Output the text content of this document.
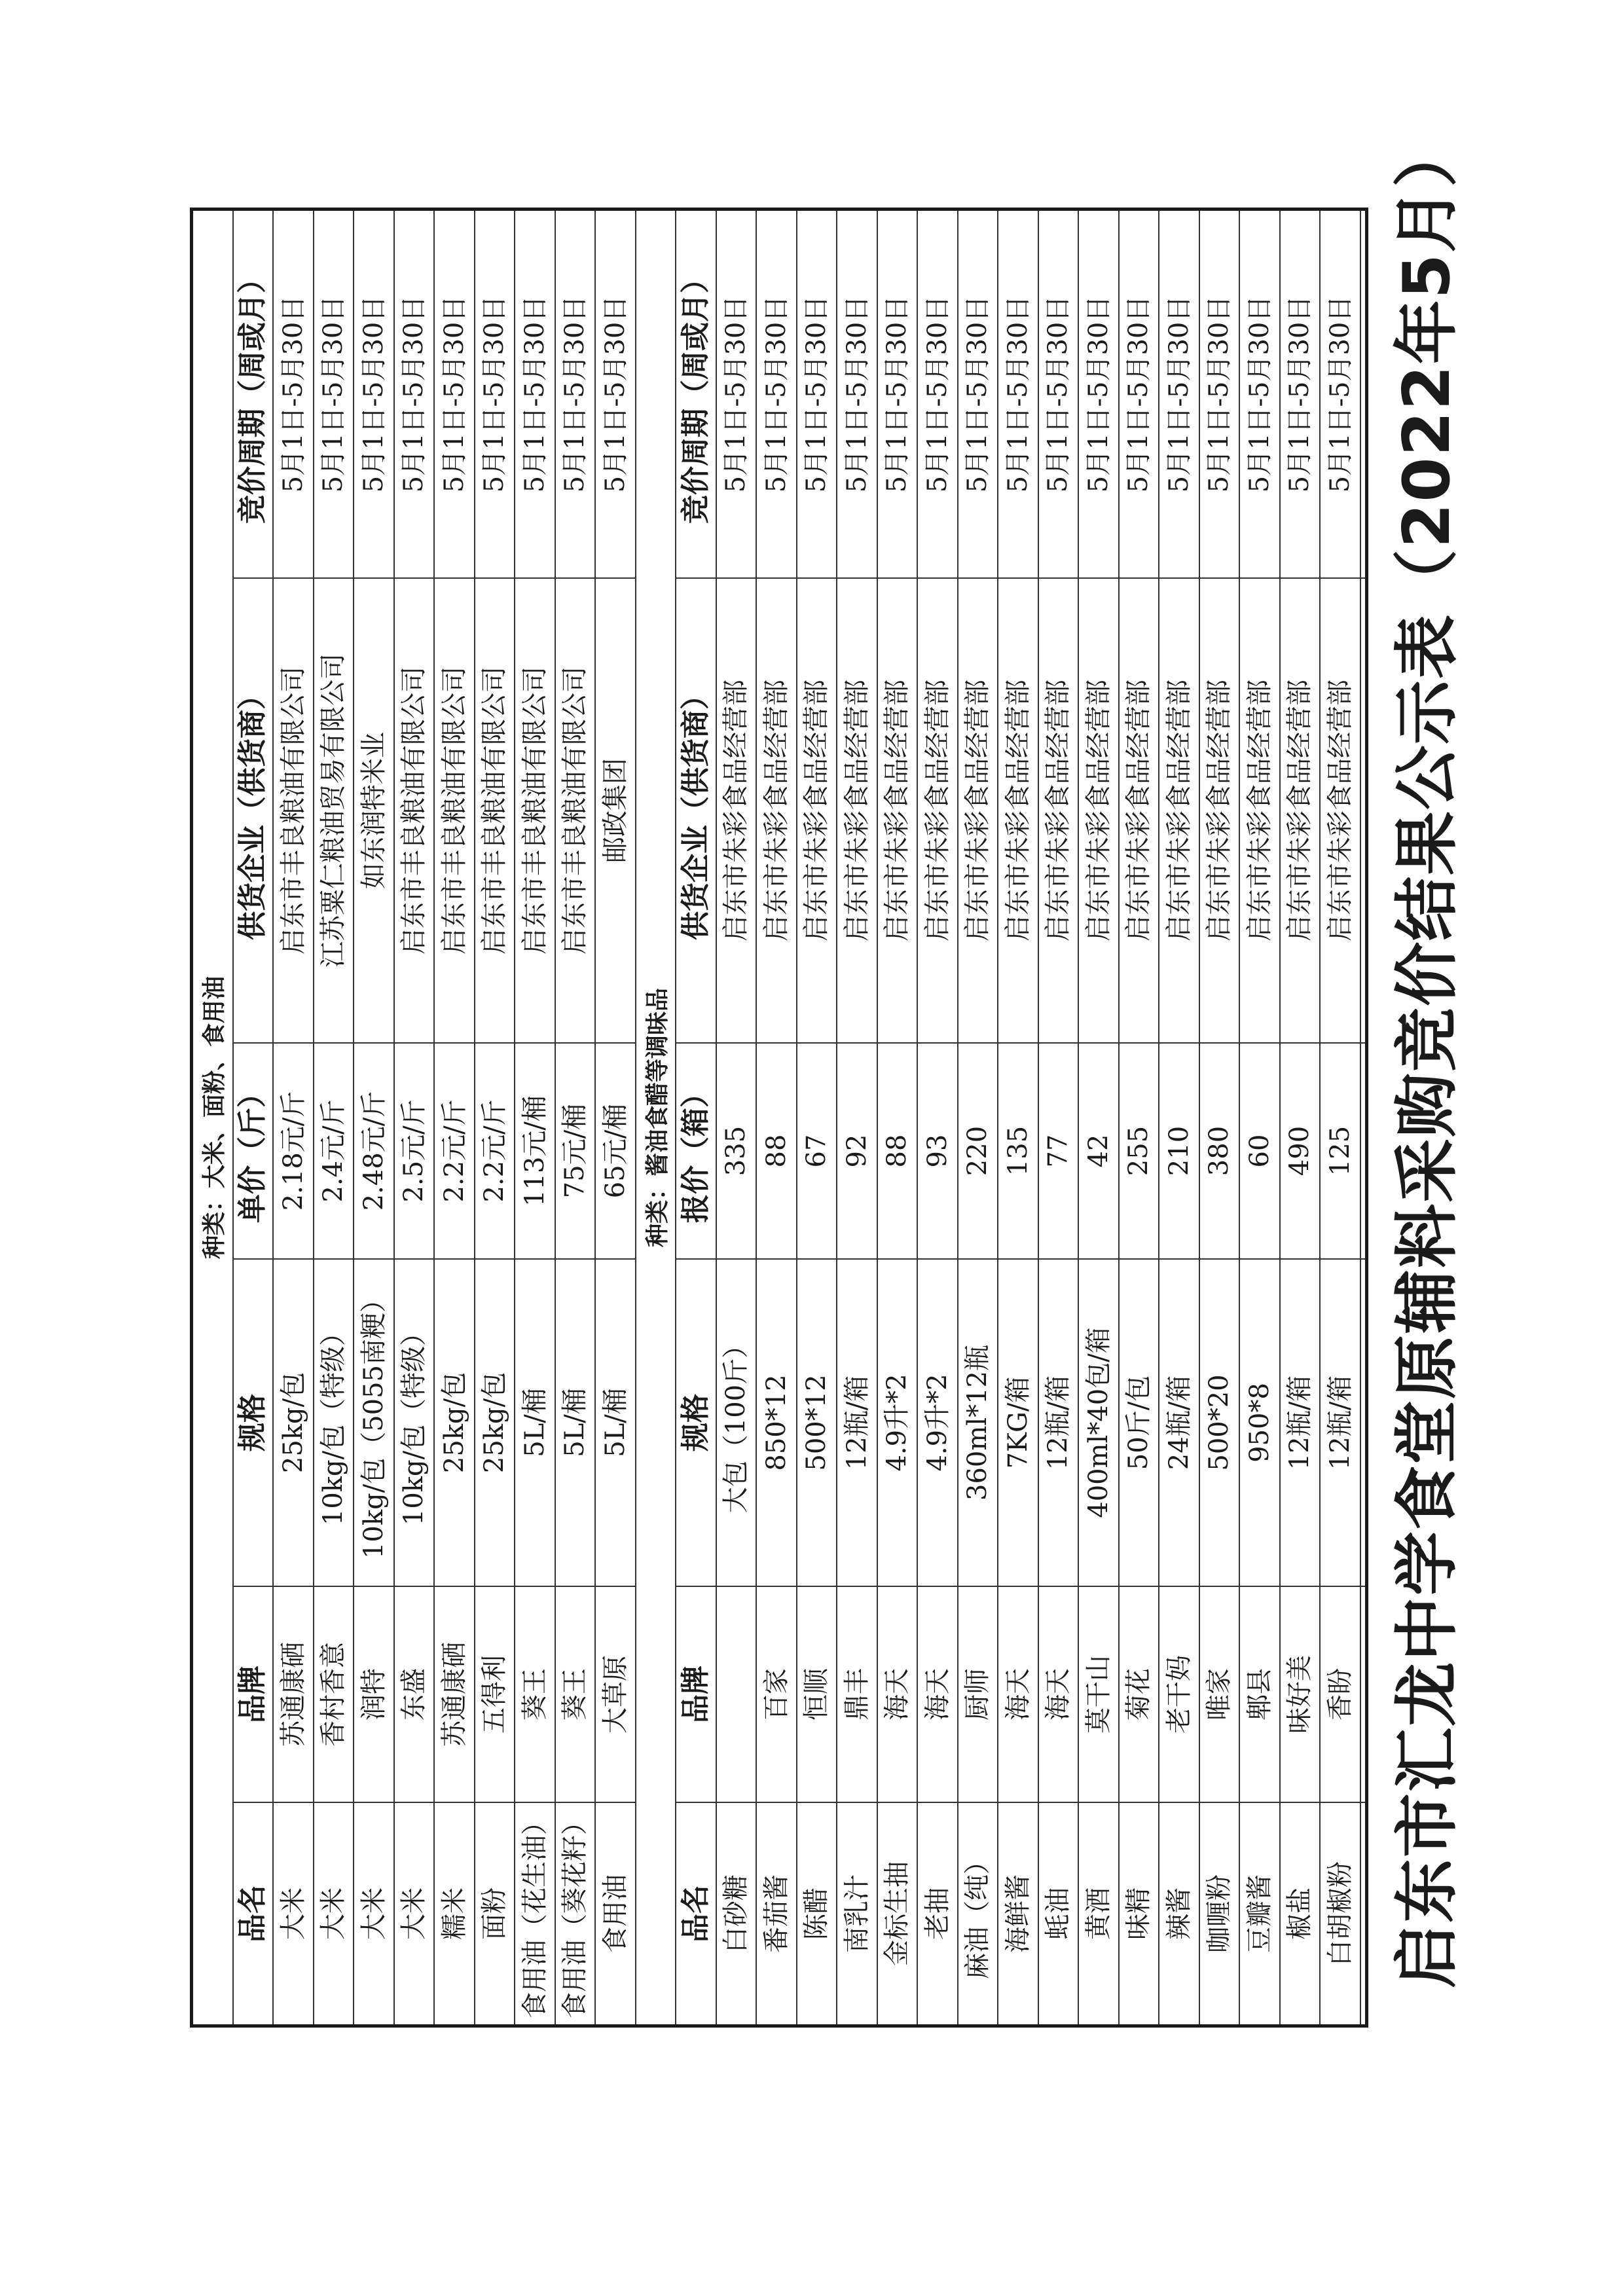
启东市汇龙中学食堂原辅料采购竞价结果公示表（2022年5月）
种类：大米、面粉、食用油
品名
品牌
规格
单价（斤）
供货企业（供货商）
竞价周期（周或月）
大米
苏通康硒
25kg/包
2.18元/斤
启东市丰良粮油有限公司
5月1日-5月30日
大米
香村香意
10kg/包（特级）
2.4元/斤
江苏粟仁粮油贸易有限公司
5月1日-5月30日
大米
润特
10kg/包（5055南粳）
2.48元/斤
如东润特米业
5月1日-5月30日
大米
东盛
10kg/包（特级）
2.5元/斤
启东市丰良粮油有限公司
5月1日-5月30日
糯米
苏通康硒
25kg/包
2.2元/斤
启东市丰良粮油有限公司
5月1日-5月30日
面粉
五得利
25kg/包
2.2元/斤
启东市丰良粮油有限公司
5月1日-5月30日
食用油（花生油）
葵王
5L/桶
113元/桶
启东市丰良粮油有限公司
5月1日-5月30日
食用油（葵花籽）
葵王
5L/桶
75元/桶
启东市丰良粮油有限公司
5月1日-5月30日
食用油
大草原
5L/桶
65元/桶
邮政集团
5月1日-5月30日
种类：酱油食醋等调味品
品名
品牌
规格
报价（箱）
供货企业（供货商）
竞价周期（周或月）
白砂糖
大包（100斤）
335
启东市朱彩食品经营部
5月1日-5月30日
番茄酱
百家
850*12
88
启东市朱彩食品经营部
5月1日-5月30日
陈醋
恒顺
500*12
67
启东市朱彩食品经营部
5月1日-5月30日
南乳汁
鼎丰
12瓶/箱
92
启东市朱彩食品经营部
5月1日-5月30日
金标生抽
海天
4.9升*2
88
启东市朱彩食品经营部
5月1日-5月30日
老抽
海天
4.9升*2
93
启东市朱彩食品经营部
5月1日-5月30日
麻油（纯）
厨师
360ml*12瓶
220
启东市朱彩食品经营部
5月1日-5月30日
海鲜酱
海天
7KG/箱
135
启东市朱彩食品经营部
5月1日-5月30日
蚝油
海天
12瓶/箱
77
启东市朱彩食品经营部
5月1日-5月30日
黄酒
莫干山
400ml*40包/箱
42
启东市朱彩食品经营部
5月1日-5月30日
味精
菊花
50斤/包
255
启东市朱彩食品经营部
5月1日-5月30日
辣酱
老干妈
24瓶/箱
210
启东市朱彩食品经营部
5月1日-5月30日
咖喱粉
唯家
500*20
380
启东市朱彩食品经营部
5月1日-5月30日
豆瓣酱
郫县
950*8
60
启东市朱彩食品经营部
5月1日-5月30日
椒盐
味好美
12瓶/箱
490
启东市朱彩食品经营部
5月1日-5月30日
白胡椒粉
香盼
12瓶/箱
125
启东市朱彩食品经营部
5月1日-5月30日
生粉
50斤/包
108
启东市朱彩食品经营部
5月1日-5月30日
